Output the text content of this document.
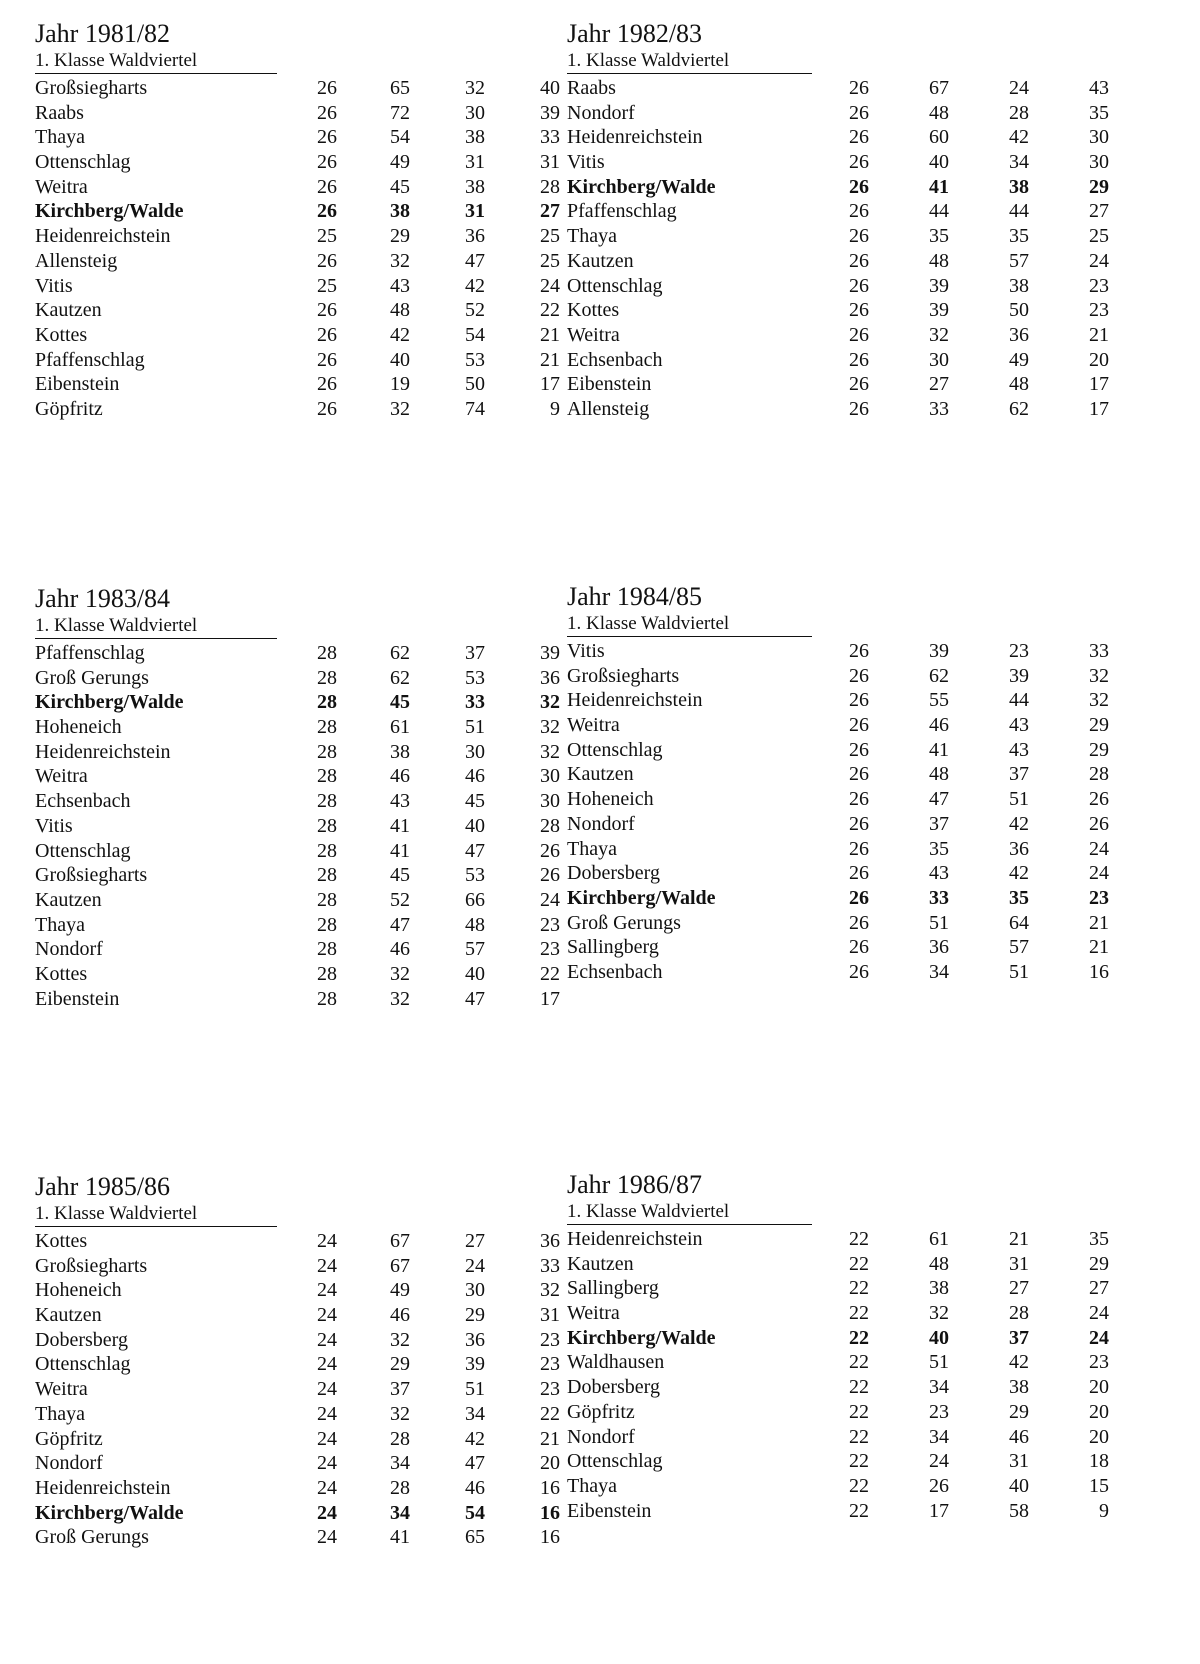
Jahr 1981/82
1. Klasse Waldviertel
Großsiegharts	26	65	32	40
Raabs	26	72	30	39
Thaya	26	54	38	33
Ottenschlag	26	49	31	31
Weitra	26	45	38	28
Kirchberg/Walde	26	38	31	27
Heidenreichstein	25	29	36	25
Allensteig	26	32	47	25
Vitis	25	43	42	24
Kautzen	26	48	52	22
Kottes	26	42	54	21
Pfaffenschlag	26	40	53	21
Eibenstein	26	19	50	17
Göpfritz	26	32	74	9
Jahr 1982/83
1. Klasse Waldviertel
Raabs	26	67	24	43
Nondorf	26	48	28	35
Heidenreichstein	26	60	42	30
Vitis	26	40	34	30
Kirchberg/Walde	26	41	38	29
Pfaffenschlag	26	44	44	27
Thaya	26	35	35	25
Kautzen	26	48	57	24
Ottenschlag	26	39	38	23
Kottes	26	39	50	23
Weitra	26	32	36	21
Echsenbach	26	30	49	20
Eibenstein	26	27	48	17
Allensteig	26	33	62	17
Jahr 1983/84
1. Klasse Waldviertel
Pfaffenschlag	28	62	37	39
Groß Gerungs	28	62	53	36
Kirchberg/Walde	28	45	33	32
Hoheneich	28	61	51	32
Heidenreichstein	28	38	30	32
Weitra	28	46	46	30
Echsenbach	28	43	45	30
Vitis	28	41	40	28
Ottenschlag	28	41	47	26
Großsiegharts	28	45	53	26
Kautzen	28	52	66	24
Thaya	28	47	48	23
Nondorf	28	46	57	23
Kottes	28	32	40	22
Eibenstein	28	32	47	17
Jahr 1984/85
1. Klasse Waldviertel
Vitis	26	39	23	33
Großsiegharts	26	62	39	32
Heidenreichstein	26	55	44	32
Weitra	26	46	43	29
Ottenschlag	26	41	43	29
Kautzen	26	48	37	28
Hoheneich	26	47	51	26
Nondorf	26	37	42	26
Thaya	26	35	36	24
Dobersberg	26	43	42	24
Kirchberg/Walde	26	33	35	23
Groß Gerungs	26	51	64	21
Sallingberg	26	36	57	21
Echsenbach	26	34	51	16
Jahr 1985/86
1. Klasse Waldviertel
Kottes	24	67	27	36
Großsiegharts	24	67	24	33
Hoheneich	24	49	30	32
Kautzen	24	46	29	31
Dobersberg	24	32	36	23
Ottenschlag	24	29	39	23
Weitra	24	37	51	23
Thaya	24	32	34	22
Göpfritz	24	28	42	21
Nondorf	24	34	47	20
Heidenreichstein	24	28	46	16
Kirchberg/Walde	24	34	54	16
Groß Gerungs	24	41	65	16
Jahr 1986/87
1. Klasse Waldviertel
Heidenreichstein	22	61	21	35
Kautzen	22	48	31	29
Sallingberg	22	38	27	27
Weitra	22	32	28	24
Kirchberg/Walde	22	40	37	24
Waldhausen	22	51	42	23
Dobersberg	22	34	38	20
Göpfritz	22	23	29	20
Nondorf	22	34	46	20
Ottenschlag	22	24	31	18
Thaya	22	26	40	15
Eibenstein	22	17	58	9
